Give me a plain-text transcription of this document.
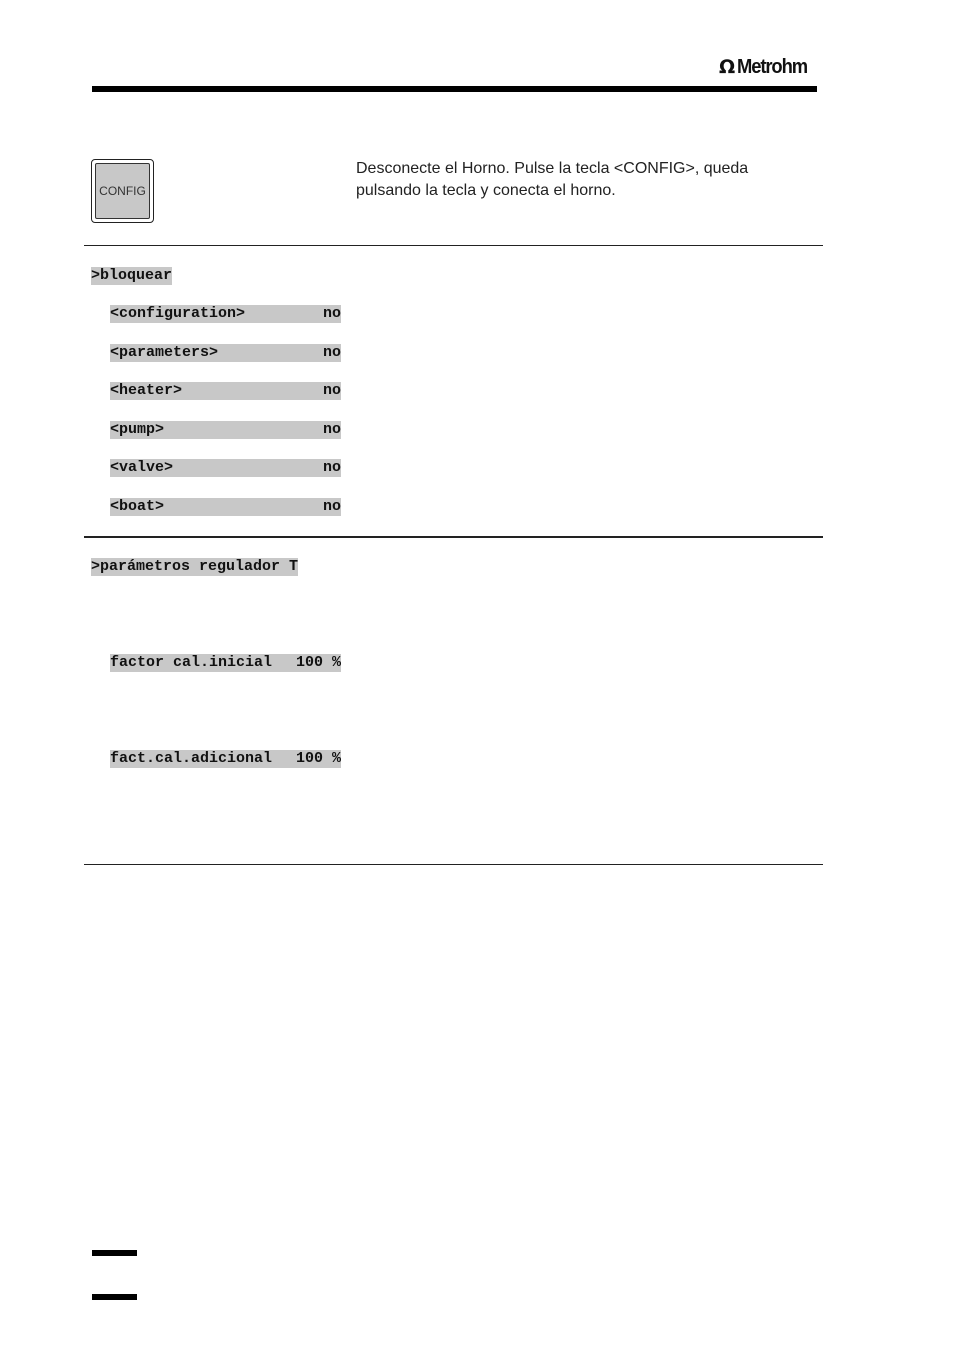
Ω Metrohm
CONFIG
Desconecte el Horno. Pulse la tecla <CONFIG>, queda pulsando la tecla y conecta el horno.
>bloquear
<configuration>	no
<parameters>	no
<heater>	no
<pump>	no
<valve>	no
<boat>	no
>parámetros regulador T
factor cal.inicial 100 %
fact.cal.adicional 100 %
